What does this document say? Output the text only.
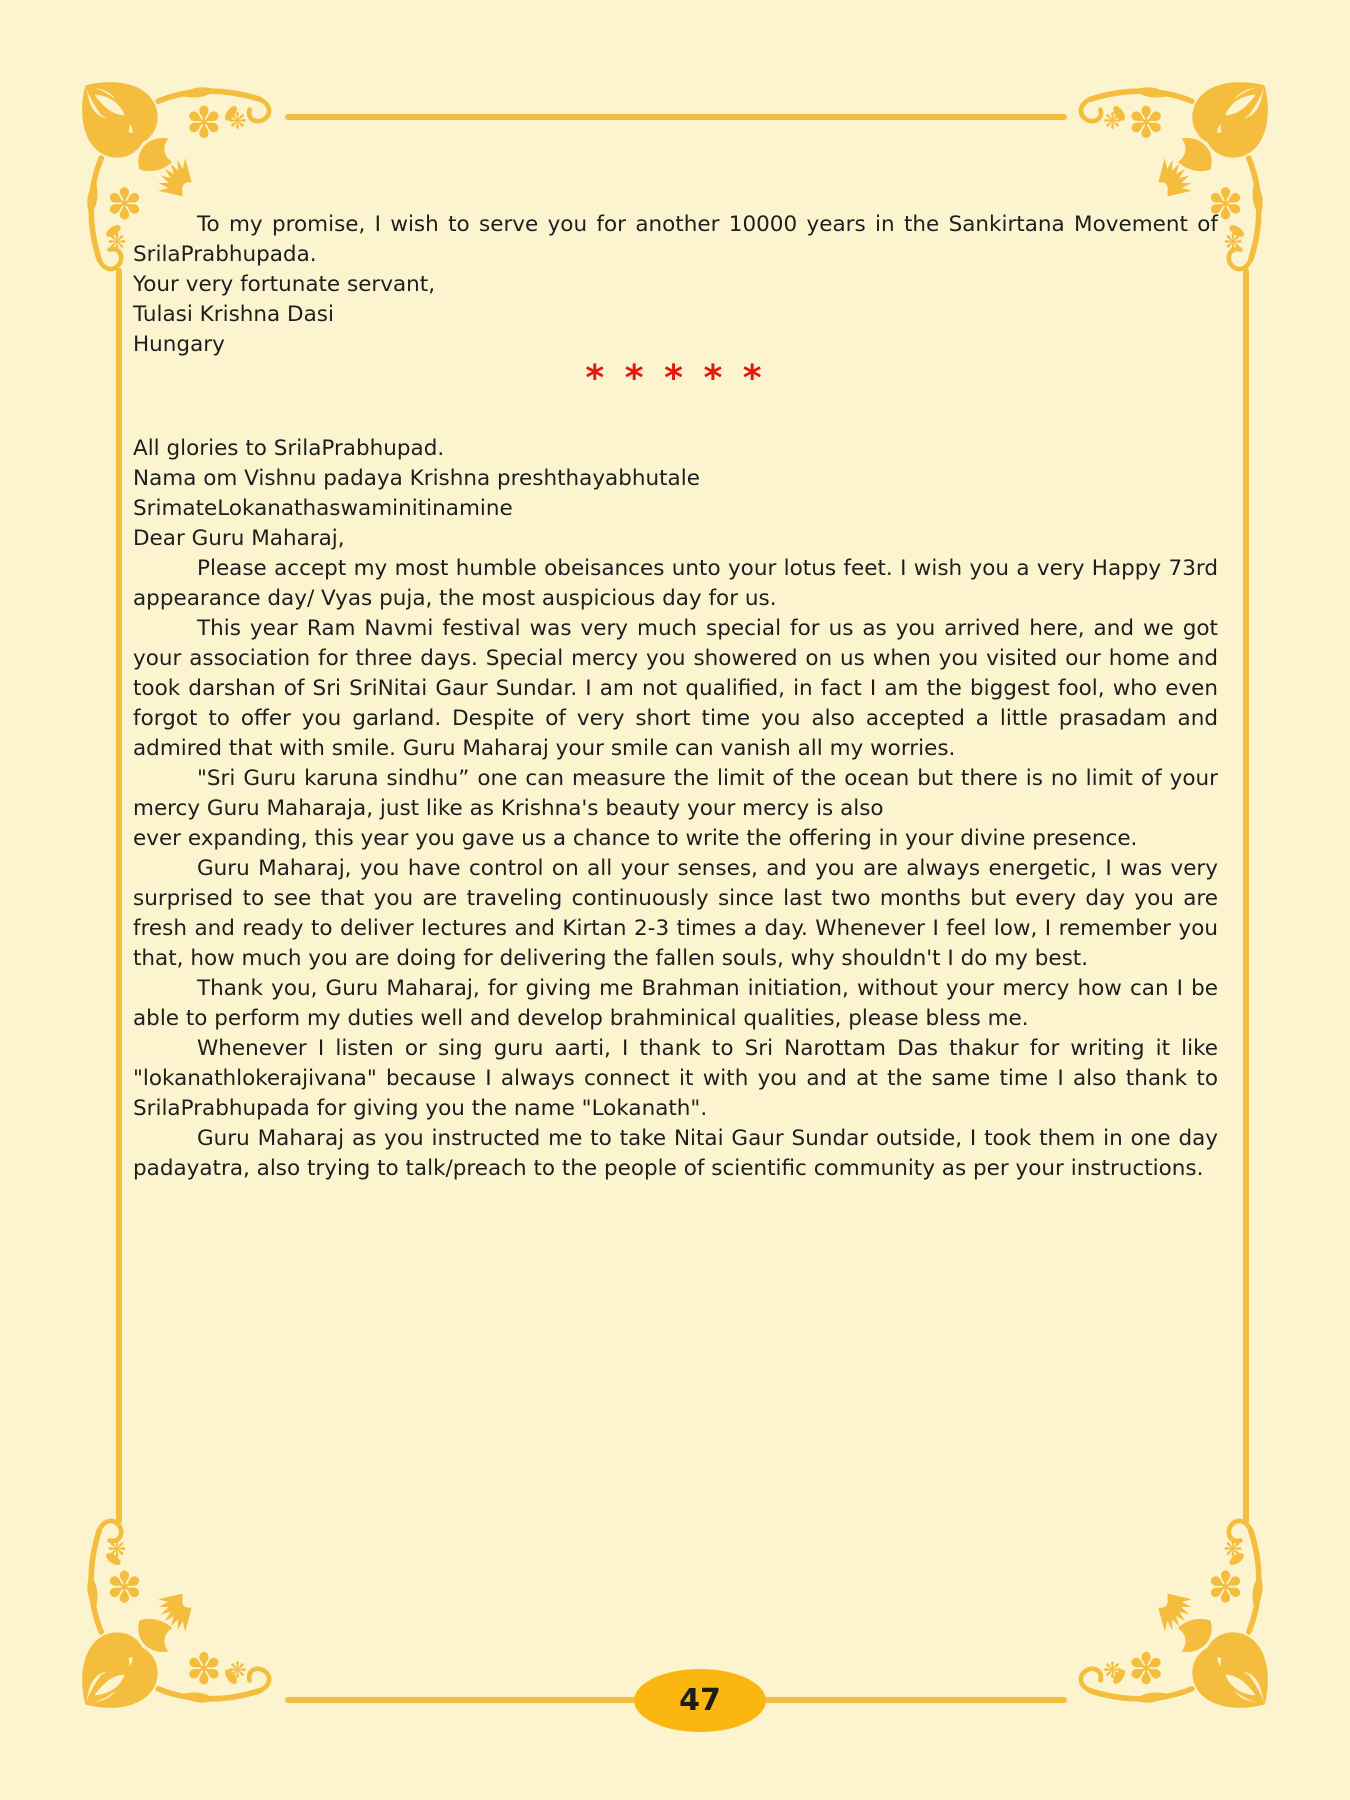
To my promise, I wish to serve you for another 10000 years in the Sankirtana Movement of SrilaPrabhupada.

Your very fortunate servant,

Tulasi Krishna Dasi

Hungary

* * * * *

All glories to SrilaPrabhupad.

Nama om Vishnu padaya Krishna preshthayabhutale

SrimateLokanathaswaminitinamine

Dear Guru Maharaj,

Please accept my most humble obeisances unto your lotus feet. I wish you a very Happy 73rd appearance day/ Vyas puja, the most auspicious day for us.

This year Ram Navmi festival was very much special for us as you arrived here, and we got your association for three days. Special mercy you showered on us when you visited our home and took darshan of Sri SriNitai Gaur Sundar. I am not qualified, in fact I am the biggest fool, who even forgot to offer you garland. Despite of very short time you also accepted a little prasadam and admired that with smile. Guru Maharaj your smile can vanish all my worries.

"Sri Guru karuna sindhu” one can measure the limit of the ocean but there is no limit of your mercy Guru Maharaja, just like as Krishna's beauty your mercy is also

ever expanding, this year you gave us a chance to write the offering in your divine presence.

Guru Maharaj, you have control on all your senses, and you are always energetic, I was very surprised to see that you are traveling continuously since last two months but every day you are fresh and ready to deliver lectures and Kirtan 2-3 times a day. Whenever I feel low, I remember you that, how much you are doing for delivering the fallen souls, why shouldn't I do my best.

Thank you, Guru Maharaj, for giving me Brahman initiation, without your mercy how can I be able to perform my duties well and develop brahminical qualities, please bless me.

Whenever I listen or sing guru aarti, I thank to Sri Narottam Das thakur for writing it like "lokanathlokerajivana" because I always connect it with you and at the same time I also thank to SrilaPrabhupada for giving you the name "Lokanath".

Guru Maharaj as you instructed me to take Nitai Gaur Sundar outside, I took them in one day padayatra, also trying to talk/preach to the people of scientific community as per your instructions.

47
